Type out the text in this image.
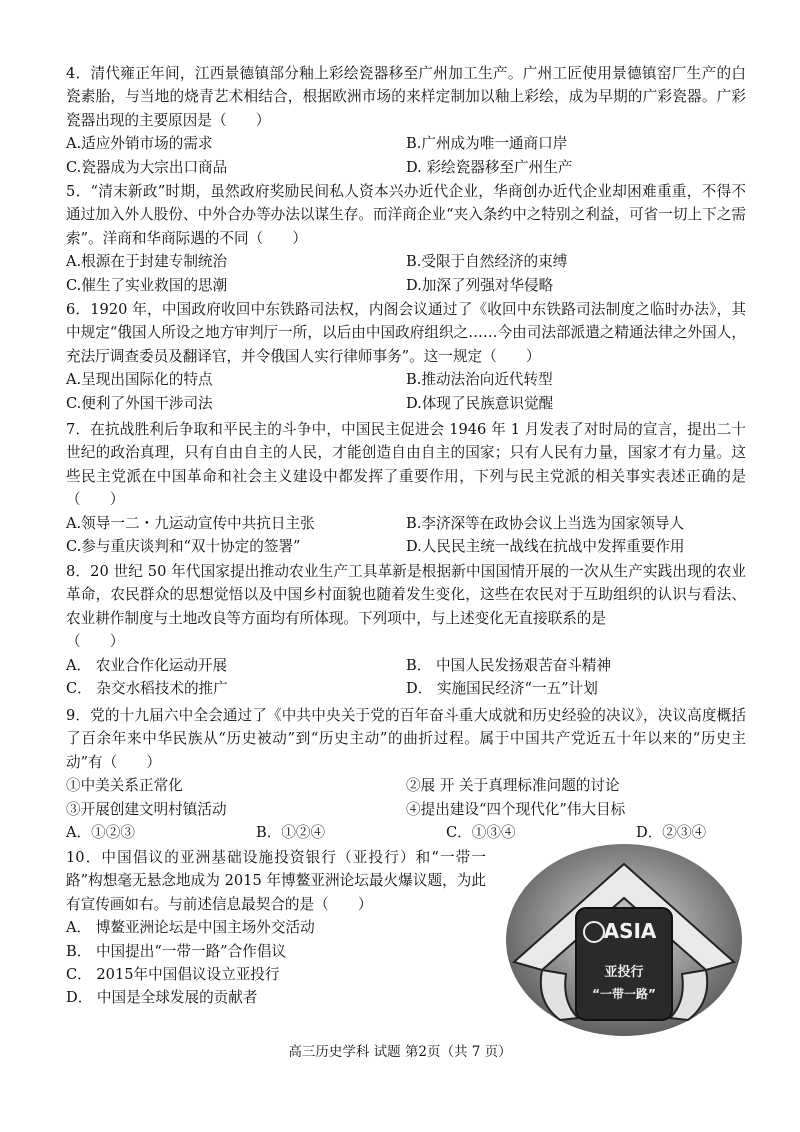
4．清代雍正年间，江西景德镇部分釉上彩绘瓷器移至广州加工生产。广州工匠使用景德镇窑厂生产的白瓷素胎，与当地的烧青艺术相结合，根据欧洲市场的来样定制加以釉上彩绘，成为早期的广彩瓷器。广彩瓷器出现的主要原因是（　　）

A.适应外销市场的需求	B.广州成为唯一通商口岸
C.瓷器成为大宗出口商品	D. 彩绘瓷器移至广州生产

5．“清末新政”时期，虽然政府奖励民间私人资本兴办近代企业，华商创办近代企业却困难重重，不得不通过加入外人股份、中外合办等办法以谋生存。而洋商企业“夹入条约中之特别之利益，可省一切上下之需索”。洋商和华商际遇的不同（　　）

A.根源在于封建专制统治	B.受限于自然经济的束缚
C.催生了实业救国的思潮	D.加深了列强对华侵略

6．1920 年，中国政府收回中东铁路司法权，内阁会议通过了《收回中东铁路司法制度之临时办法》，其中规定“俄国人所设之地方审判厅一所，以后由中国政府组织之……今由司法部派遣之精通法律之外国人，充法厅调查委员及翻译官，并令俄国人实行律师事务”。这一规定（　　）

A.呈现出国际化的特点	B.推动法治向近代转型
C.便利了外国干涉司法	D.体现了民族意识觉醒

7．在抗战胜利后争取和平民主的斗争中，中国民主促进会 1946 年 1 月发表了对时局的宣言，提出二十世纪的政治真理，只有自由自主的人民，才能创造自由自主的国家；只有人民有力量，国家才有力量。这些民主党派在中国革命和社会主义建设中都发挥了重要作用，下列与民主党派的相关事实表述正确的是（　　）

A.领导一二・九运动宣传中共抗日主张	B.李济深等在政协会议上当选为国家领导人
C.参与重庆谈判和“双十协定的签署”	D.人民民主统一战线在抗战中发挥重要作用

8．20 世纪 50 年代国家提出推动农业生产工具革新是根据新中国国情开展的一次从生产实践出现的农业革命，农民群众的思想觉悟以及中国乡村面貌也随着发生变化，这些在农民对于互助组织的认识与看法、农业耕作制度与土地改良等方面均有所体现。下列项中，与上述变化无直接联系的是

（　　）

A． 农业合作化运动开展	B． 中国人民发扬艰苦奋斗精神
C． 杂交水稻技术的推广	D． 实施国民经济“一五”计划

9．党的十九届六中全会通过了《中共中央关于党的百年奋斗重大成就和历史经验的决议》，决议高度概括了百余年来中华民族从“历史被动”到“历史主动”的曲折过程。属于中国共产党近五十年以来的“历史主动”有（　　）

①中美关系正常化	②展 开 关于真理标准问题的讨论
③开展创建文明村镇活动	④提出建设“四个现代化”伟大目标
A．①②③	B．①②④	C．①③④	D．②③④

10．中国倡议的亚洲基础设施投资银行（亚投行）和“一带一路”构想毫无悬念地成为 2015 年博鳌亚洲论坛最火爆议题，为此有宣传画如右。与前述信息最契合的是（　　）

A． 博鳌亚洲论坛是中国主场外交活动
B． 中国提出“一带一路”合作倡议
C． 2015年中国倡议设立亚投行
D． 中国是全球发展的贡献者
ASIA
亚投行
“一带一路”
高三历史学科 试题 第2页（共 7 页）
